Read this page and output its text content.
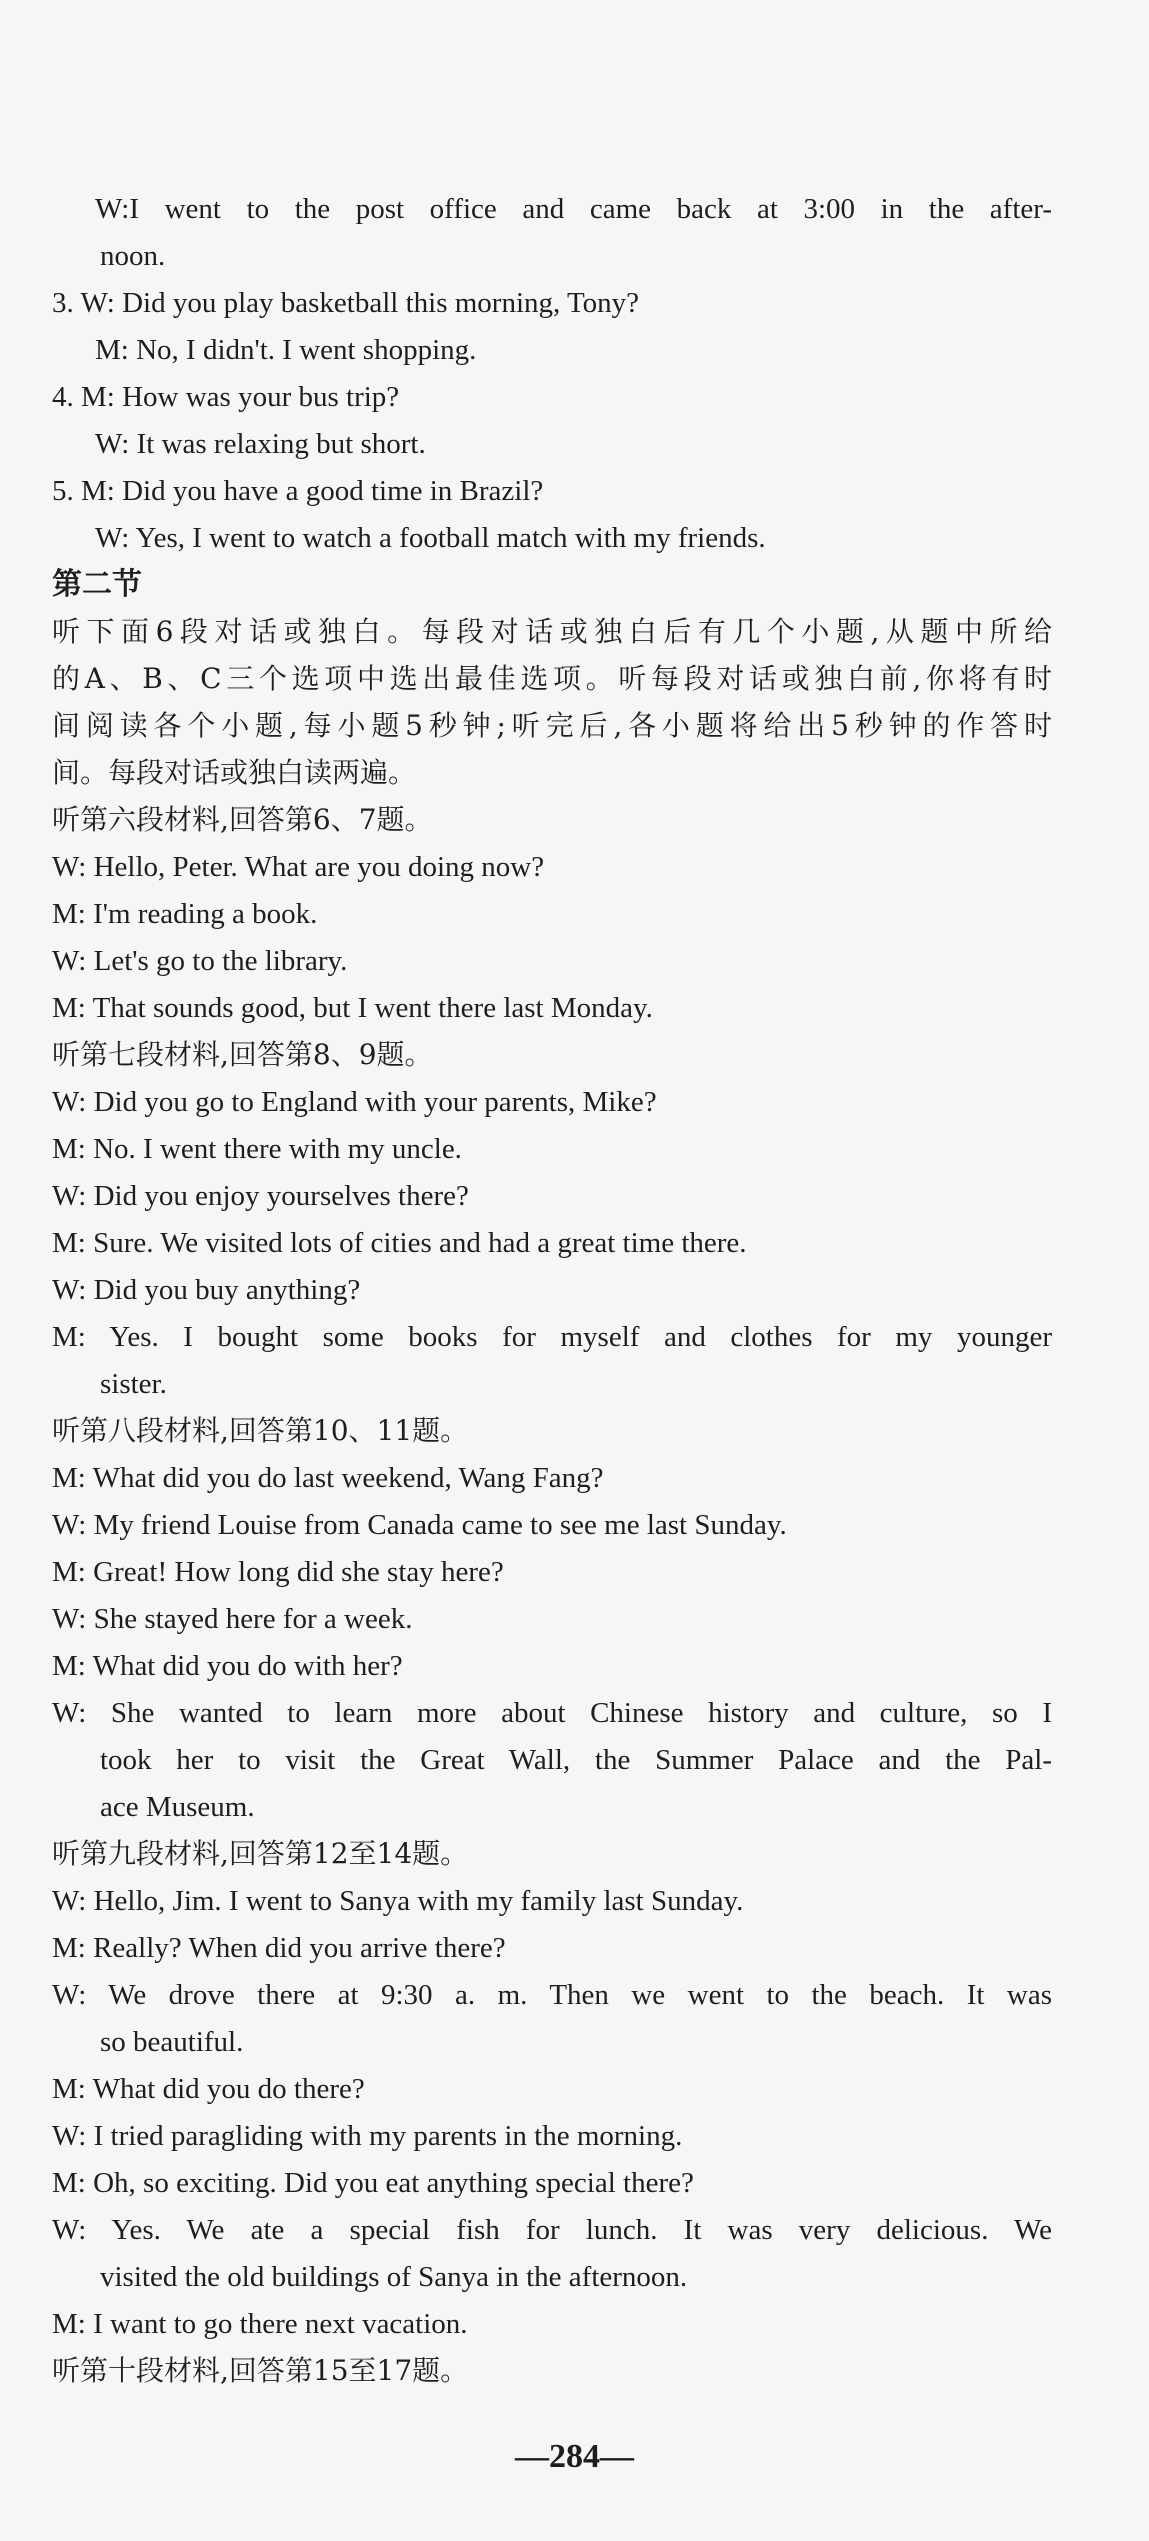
W:I went to the post office and came back at 3:00 in the after-
noon.
3. W: Did you play basketball this morning, Tony?
M: No, I didn't. I went shopping.
4. M: How was your bus trip?
W: It was relaxing but short.
5. M: Did you have a good time in Brazil?
W: Yes, I went to watch a football match with my friends.
第二节
听下面6段对话或独白。每段对话或独白后有几个小题,从题中所给
的A、B、C三个选项中选出最佳选项。听每段对话或独白前,你将有时
间阅读各个小题,每小题5秒钟;听完后,各小题将给出5秒钟的作答时
间。每段对话或独白读两遍。
听第六段材料,回答第6、7题。
W: Hello, Peter. What are you doing now?
M: I'm reading a book.
W: Let's go to the library.
M: That sounds good, but I went there last Monday.
听第七段材料,回答第8、9题。
W: Did you go to England with your parents, Mike?
M: No. I went there with my uncle.
W: Did you enjoy yourselves there?
M: Sure. We visited lots of cities and had a great time there.
W: Did you buy anything?
M: Yes. I bought some books for myself and clothes for my younger
sister.
听第八段材料,回答第10、11题。
M: What did you do last weekend, Wang Fang?
W: My friend Louise from Canada came to see me last Sunday.
M: Great! How long did she stay here?
W: She stayed here for a week.
M: What did you do with her?
W: She wanted to learn more about Chinese history and culture, so I
took her to visit the Great Wall, the Summer Palace and the Pal-
ace Museum.
听第九段材料,回答第12至14题。
W: Hello, Jim. I went to Sanya with my family last Sunday.
M: Really? When did you arrive there?
W: We drove there at 9:30 a. m. Then we went to the beach. It was
so beautiful.
M: What did you do there?
W: I tried paragliding with my parents in the morning.
M: Oh, so exciting. Did you eat anything special there?
W: Yes. We ate a special fish for lunch. It was very delicious. We
visited the old buildings of Sanya in the afternoon.
M: I want to go there next vacation.
听第十段材料,回答第15至17题。
—284—
